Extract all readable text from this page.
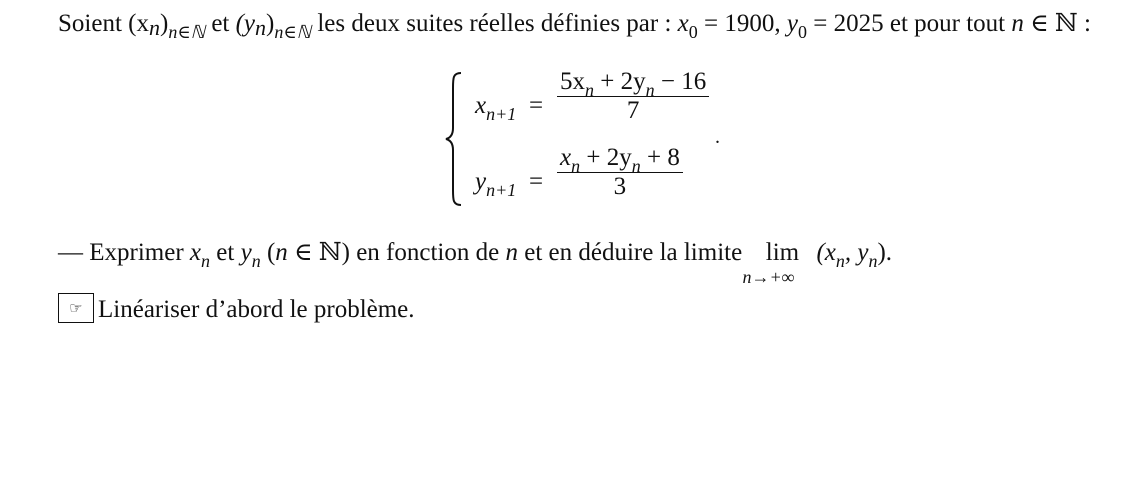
Soient $(xn)_{n\in ℕ}$ et $(yn)_{n\in ℕ}$ les deux suites réelles définies par : $x_0 = 1900$, $y_0 = 2025$ et pour tout n ∈ ℕ :
$x_{n+1}$ =
$5x_n + 2y_n - 16$
7
$y_{n+1}$ =
$x_n + 2y_n + 8$
3
.
— Exprimer $x_n$ et $y_n$ (n ∈ ℕ) en fonction de n et en déduire la limite lim
n→+∞
($x_n$, $y_n$).
☞ Linéariser d’abord le problème.
